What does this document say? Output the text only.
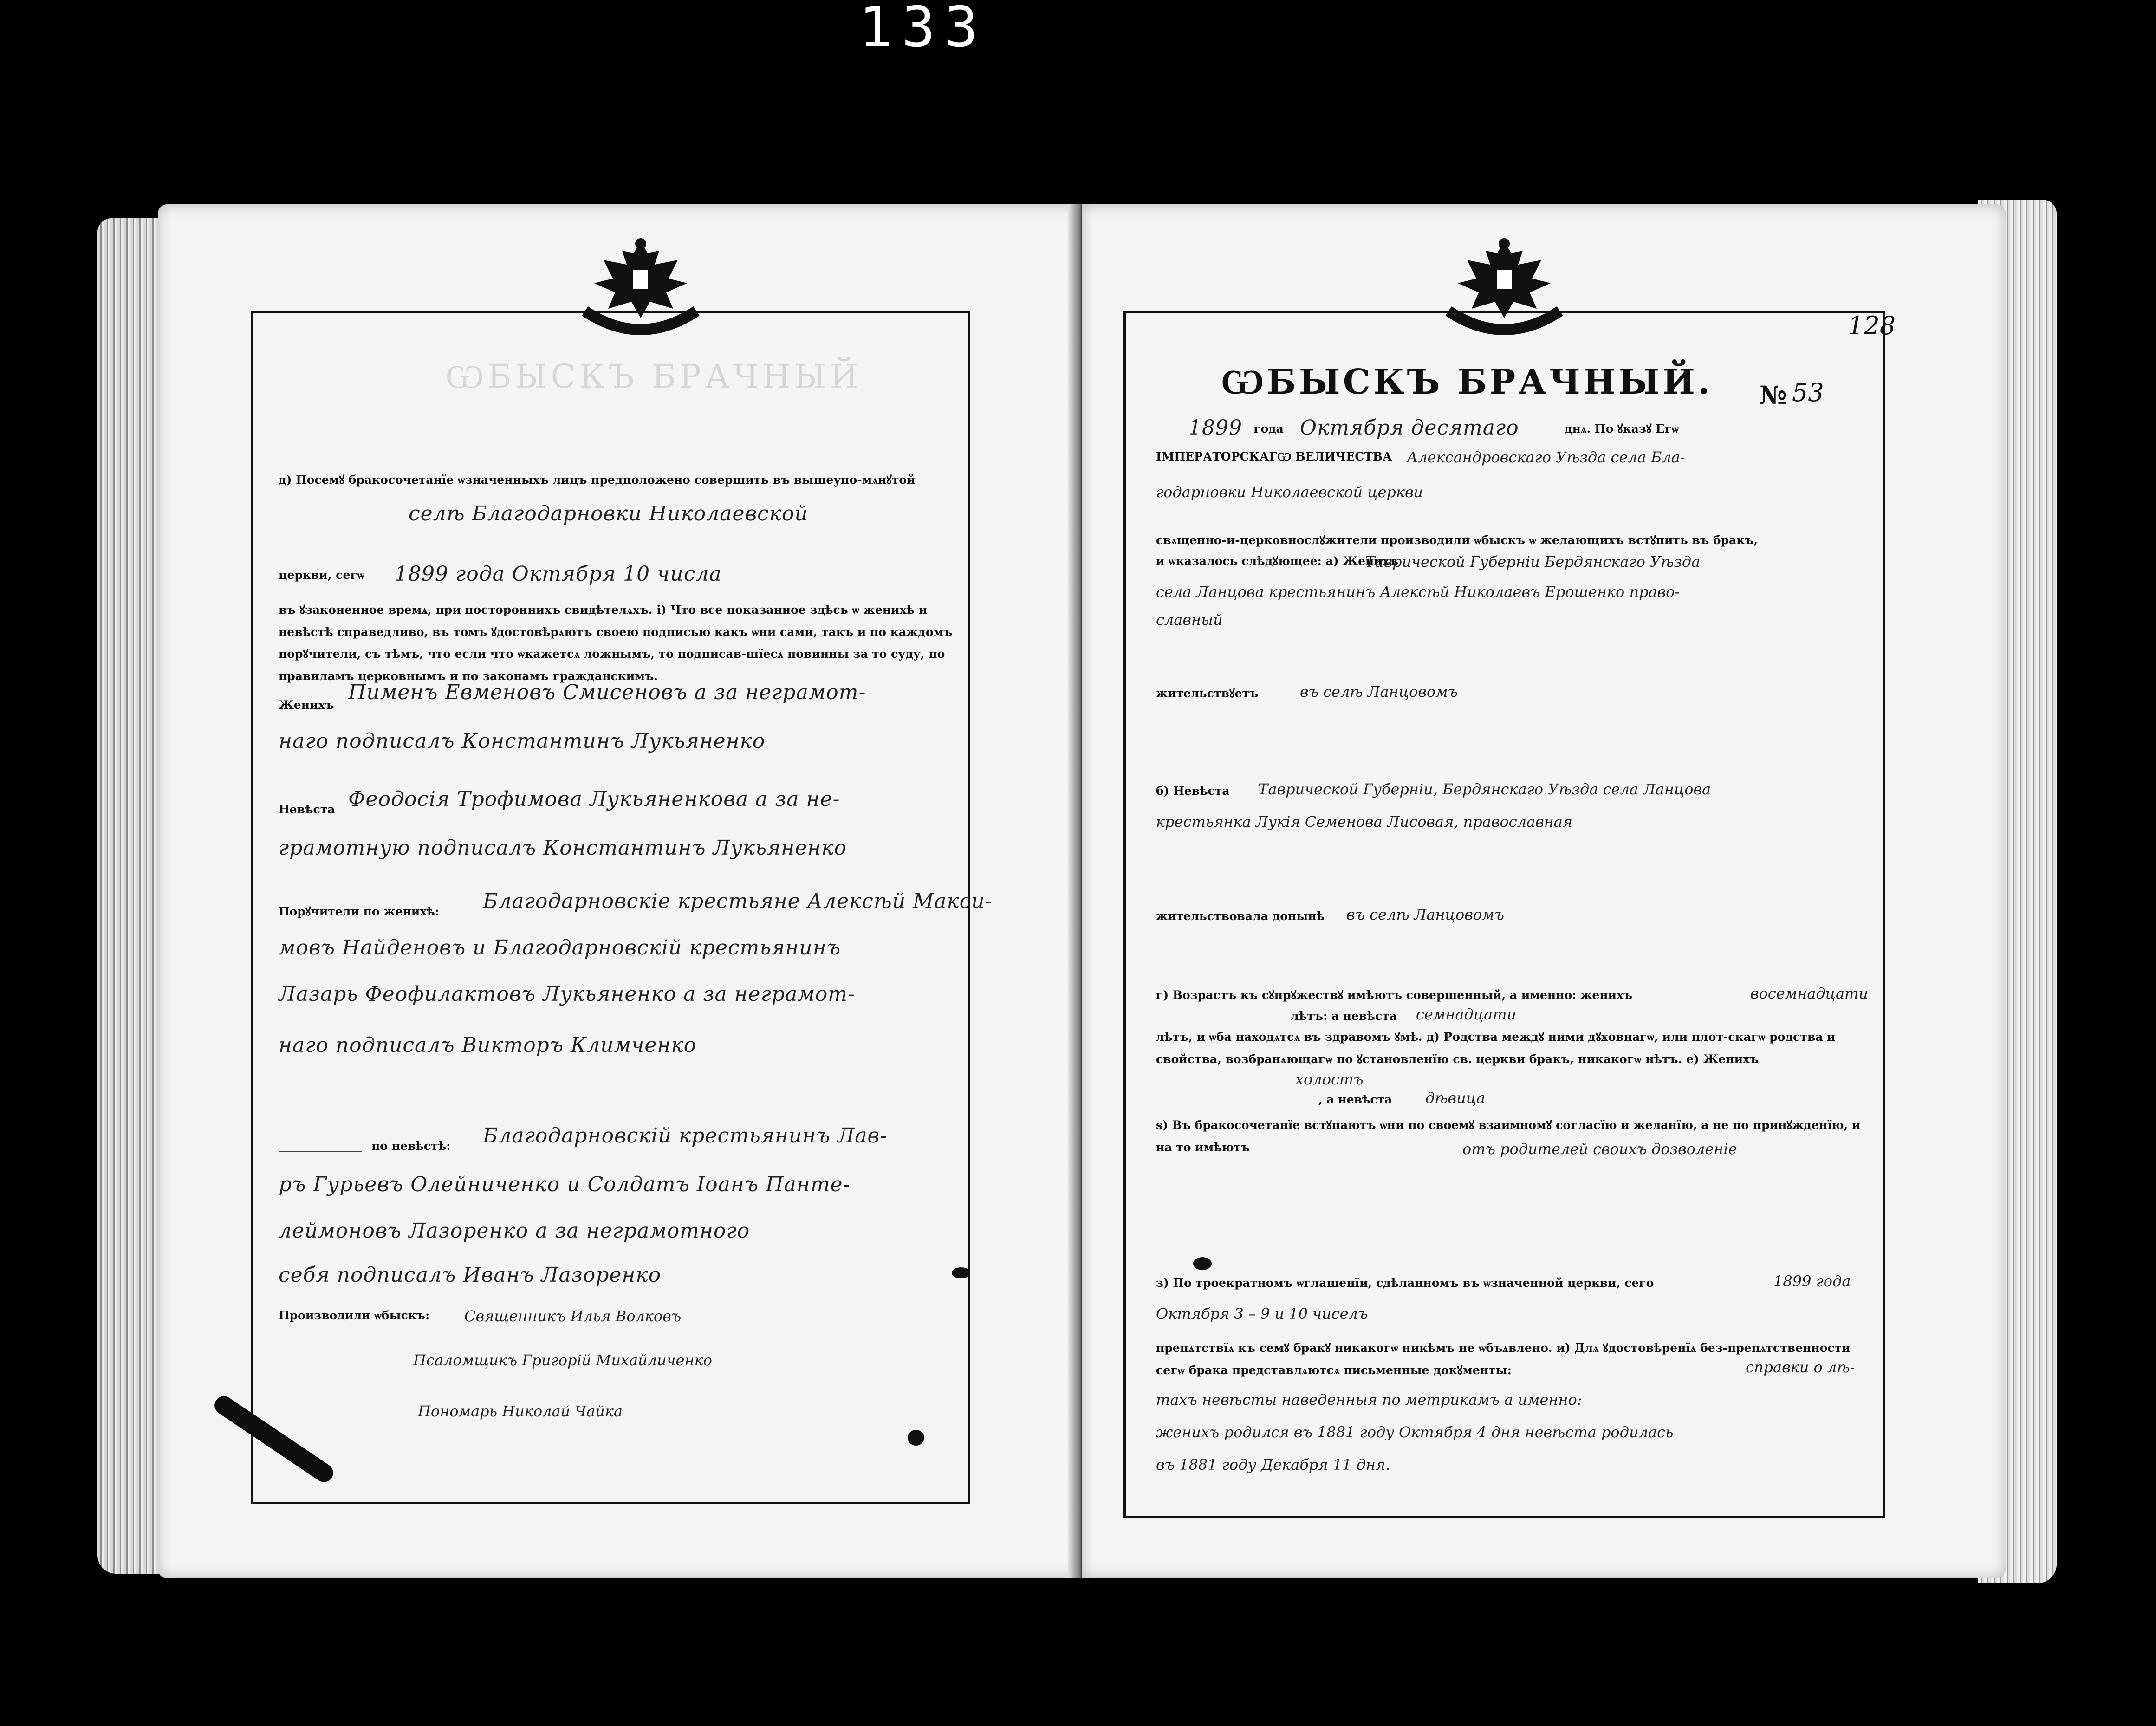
133
ѠБЫСКЪ БРАЧНЫЙ
д) Посемꙋ бракосочетанїе ѡзначенныхъ лицъ предположено совершить въ вышеупо-мѧнꙋтой
селѣ Благодарновки Николаевской
церкви, сегѡ 1899 года Октября 10 числа
въ ꙋзаконенное времѧ, при постороннихъ свидѣтелѧхъ. і) Что все показанное здѣсь ѡ женихѣ и невѣстѣ справедливо, въ томъ ꙋдостовѣрѧютъ своею подписью какъ ѡни сами, такъ и по каждомъ порꙋчители, съ тѣмъ, что если что ѡкажетсѧ ложнымъ, то подписав-шїесѧ повинны за то суду, по правиламъ церковнымъ и по законамъ гражданскимъ.
Женихъ
Пименъ Евменовъ Смиcеновъ а за неграмот-
наго подписалъ Константинъ Лукьяненко
Невѣста Феодосія Трофимова Лукьяненкова а за не-
грамотную подписалъ Константинъ Лукьяненко
Порꙋчители по женихѣ: Благодарновскіе крестьяне Алексѣй Макси-
мовъ Найденовъ и Благодарновскій крестьянинъ
Лазарь Феофилактовъ Лукьяненко а за неграмот-
наго подписалъ Викторъ Климченко
по невѣстѣ: Благодарновскій крестьянинъ Лав-
ръ Гурьевъ Олейниченко и Солдатъ Іоанъ Панте-
леймоновъ Лазоренко а за неграмотного
себя подписалъ Иванъ Лазоренко
Производили ѡбыскъ: Священникъ Илья Волковъ
Псаломщикъ Григорій Михайличенко
Пономарь Николай Чайка
128
ѠБЫСКЪ БРАЧНЫЙ. № 53
1899 года Октября десятаго	днѧ. По ꙋказꙋ Егѡ
ІМПЕРАТОРСКАГѠ ВЕЛИЧЕСТВА Александровскаго Уѣзда села Бла-
годарновки Николаевской церкви
свѧщенно-и-церковнослꙋжители производили ѡбыскъ ѡ желающихъ встꙋпить въ бракъ,
и ѡказалось слѣдꙋющее: а) Женихъ
Таврической Губерніи Бердянскаго Уѣзда
села Ланцова крестьянинъ Алексѣй Николаевъ Ерошенко право-
славный
жительствꙋетъ	въ селѣ Ланцовомъ
б) Невѣста Таврической Губерніи, Бердянскаго Уѣзда села Ланцова
крестьянка Лукія Семенова Лисовая, православная
жительствовала донынѣ въ селѣ Ланцовомъ
г) Возрастъ къ сꙋпрꙋжествꙋ имѣютъ совершенный, а именно: женихъ	восемнадцати
лѣтъ: а невѣста семнадцати
лѣтъ, и ѡба находѧтсѧ въ здравомъ ꙋмѣ. д) Родства междꙋ ними дꙋховнагѡ, или плот-скагѡ родства и свойства, возбранѧющагѡ по ꙋстановленїю св. церкви бракъ, никакогѡ нѣтъ. е) Женихъ
холостъ
, а невѣста дѣвица
ѕ) Въ бракосочетанїе встꙋпаютъ ѡни по своемꙋ взаимномꙋ согласїю и желанїю, а не по принꙋжденїю, и на то имѣютъ	отъ родителей своихъ дозволеніе
з) По троекратномъ ѡглашенїи, сдѣланномъ въ ѡзначенной церкви, сего	1899 года
Октября 3 – 9 и 10 чиселъ
препѧтствїѧ къ семꙋ бракꙋ никакогѡ никѣмъ не ѡбъѧвлено. и) Длѧ ꙋдостовѣренїѧ без-препѧтственности сегѡ брака представлѧютсѧ письменные докꙋменты:	справки о лѣ-
тахъ невѣсты наведенныя по метрикамъ а именно:
женихъ родился въ 1881 году Октября 4 дня невѣста родилась
въ 1881 году Декабря 11 дня.
